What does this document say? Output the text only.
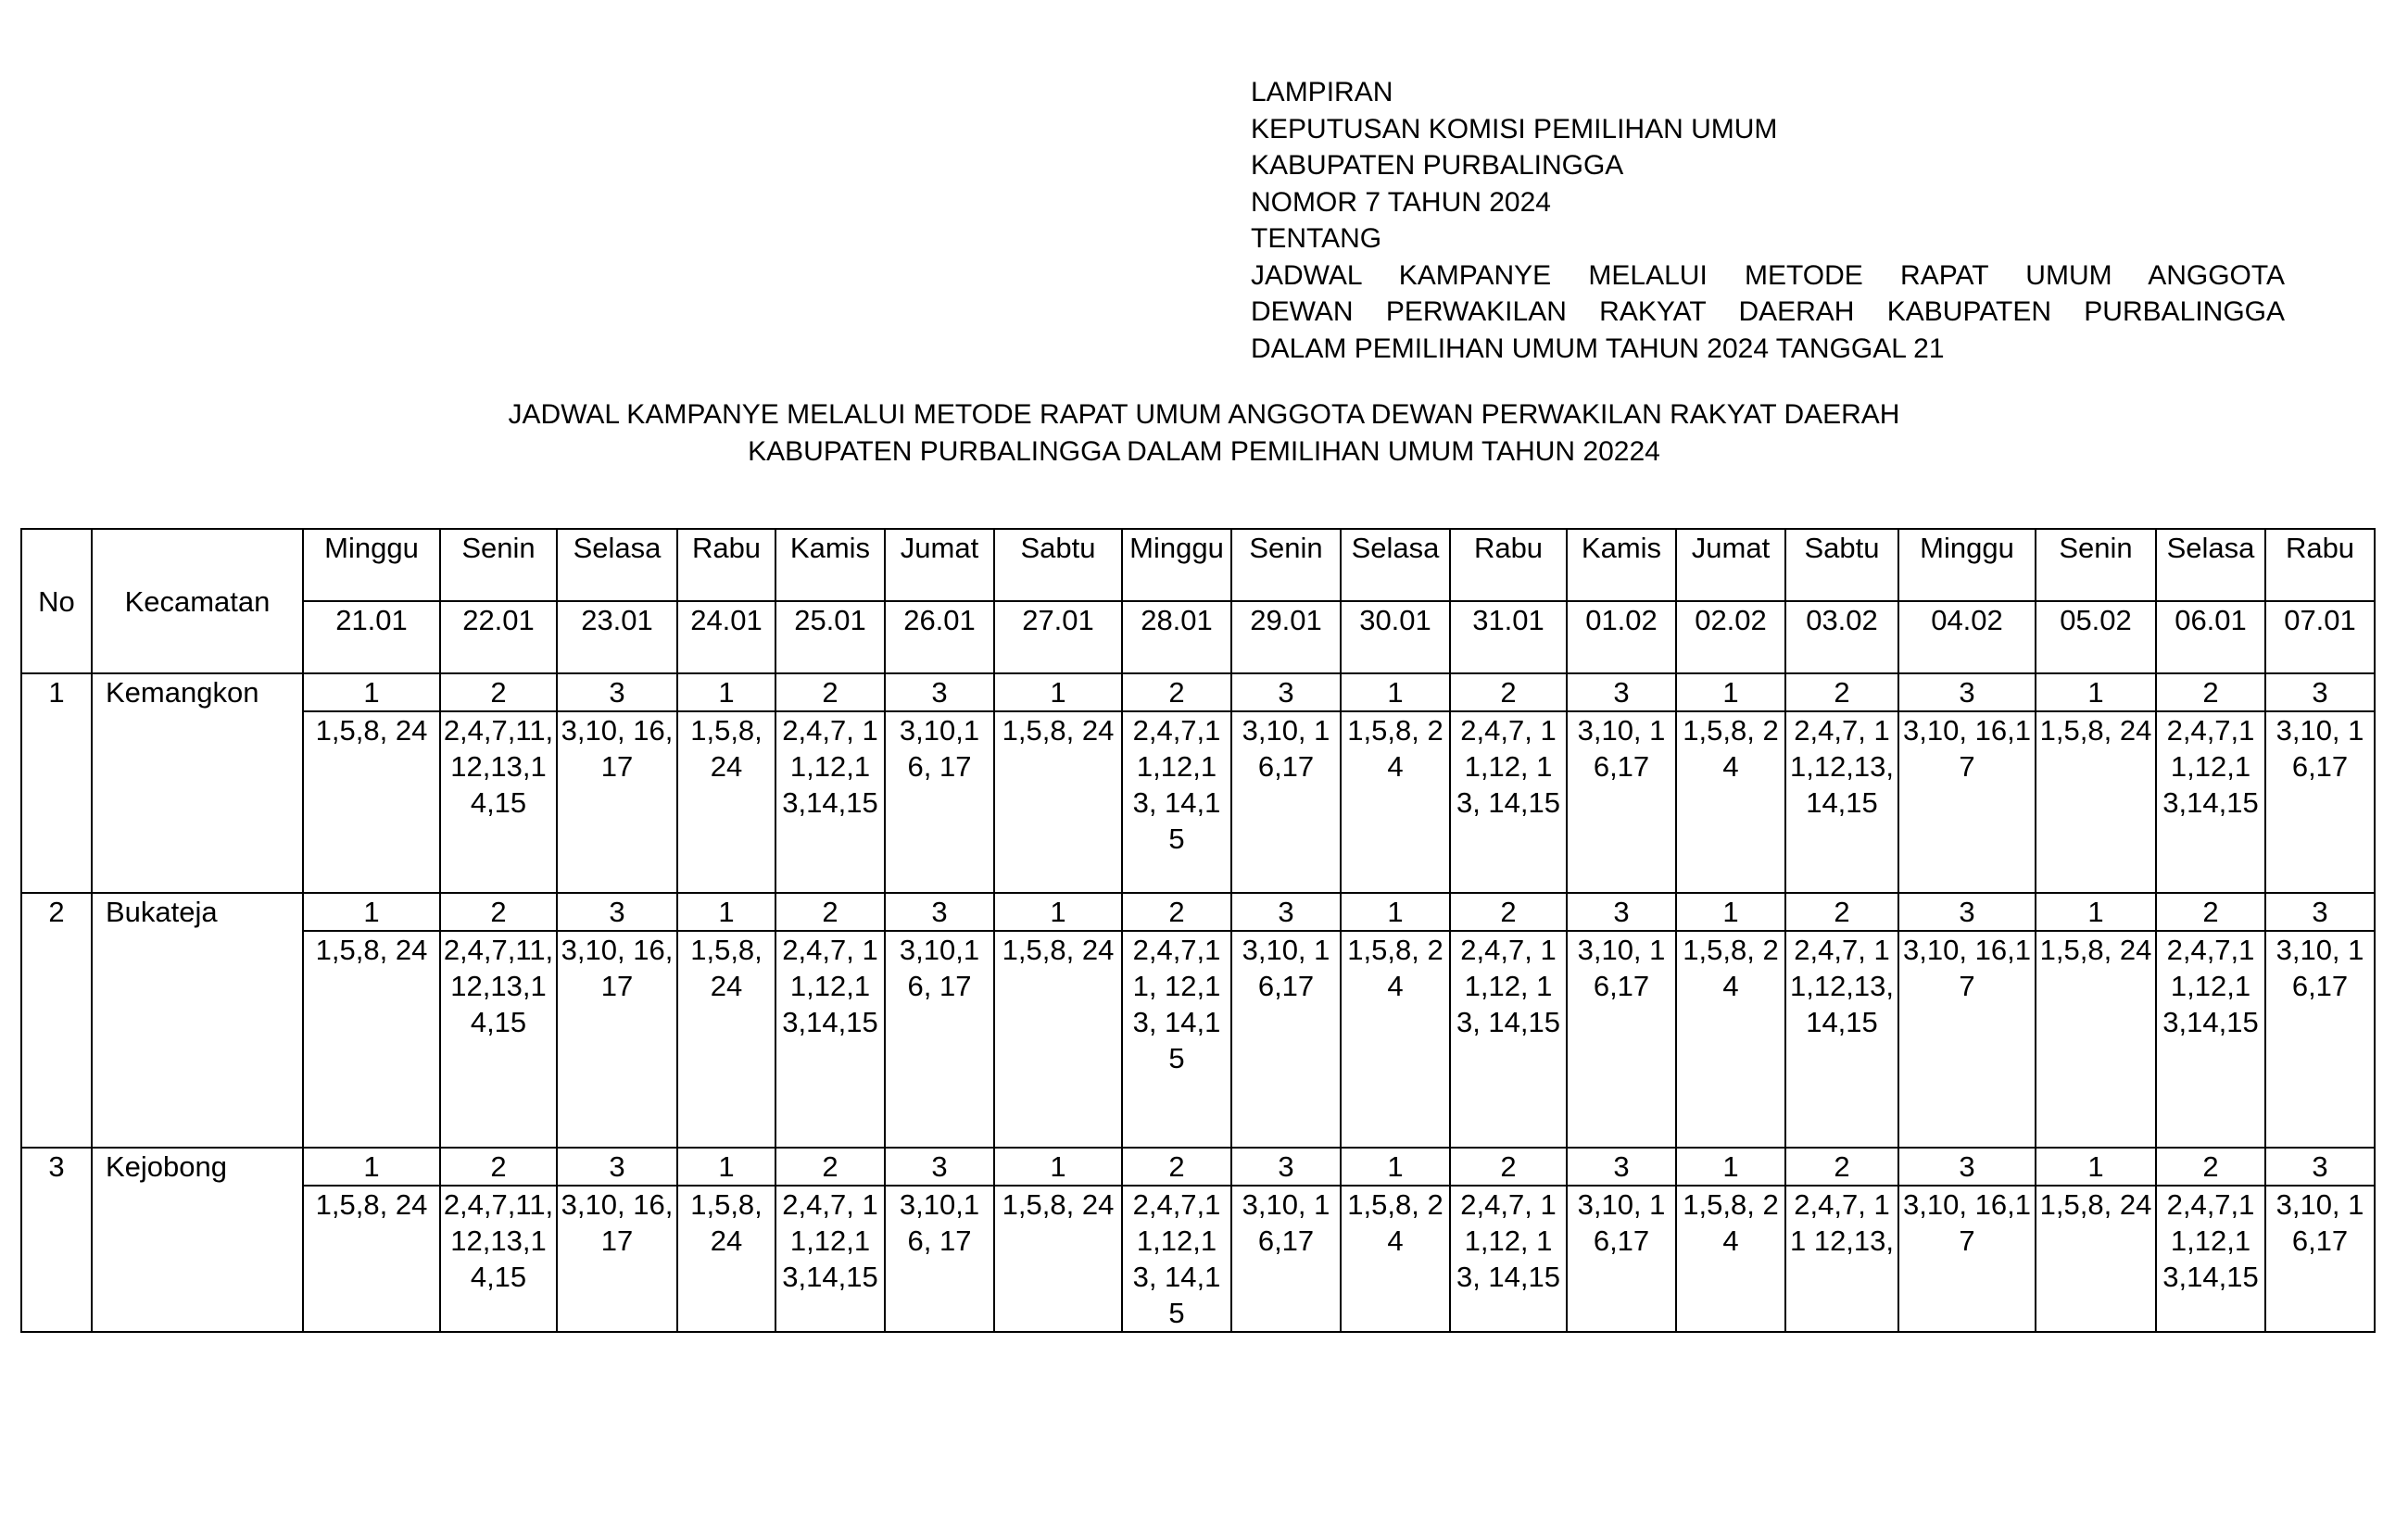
LAMPIRAN
KEPUTUSAN KOMISI PEMILIHAN UMUM
KABUPATEN PURBALINGGA
NOMOR 7 TAHUN 2024
TENTANG
JADWAL KAMPANYE MELALUI METODE RAPAT UMUM ANGGOTA
DEWAN PERWAKILAN RAKYAT DAERAH KABUPATEN PURBALINGGA
DALAM PEMILIHAN UMUM TAHUN 2024 TANGGAL 21
JADWAL KAMPANYE MELALUI METODE RAPAT UMUM ANGGOTA DEWAN PERWAKILAN RAKYAT DAERAH
KABUPATEN PURBALINGGA DALAM PEMILIHAN UMUM TAHUN 20224
No	Kecamatan	Minggu	Senin	Selasa	Rabu	Kamis	Jumat	Sabtu	Minggu	Senin	Selasa	Rabu	Kamis	Jumat	Sabtu	Minggu	Senin	Selasa	Rabu
		21.01	22.01	23.01	24.01	25.01	26.01	27.01	28.01	29.01	30.01	31.01	01.02	02.02	03.02	04.02	05.02	06.01	07.01
1	Kemangkon	1	2	3	1	2	3	1	2	3	1	2	3	1	2	3	1	2	3
		1,5,8, 24	2,4,7,11,12,13,14,15	3,10, 16,17	1,5,8, 24	2,4,7, 11,12,13,14,15	3,10,16, 17	1,5,8, 24	2,4,7,11,12,13, 14,15	3,10, 16,17	1,5,8, 24	2,4,7, 11,12, 13, 14,15	3,10, 16,17	1,5,8, 24	2,4,7, 11,12,13, 14,15	3,10, 16,17	1,5,8, 24	2,4,7,11,12,13,14,15	3,10, 16,17
2	Bukateja	1	2	3	1	2	3	1	2	3	1	2	3	1	2	3	1	2	3
		1,5,8, 24	2,4,7,11,12,13,14,15	3,10, 16,17	1,5,8, 24	2,4,7, 11,12,13,14,15	3,10,16, 17	1,5,8, 24	2,4,7,11, 12,13, 14,15	3,10, 16,17	1,5,8, 24	2,4,7, 11,12, 13, 14,15	3,10, 16,17	1,5,8, 24	2,4,7, 11,12,13, 14,15	3,10, 16,17	1,5,8, 24	2,4,7,11,12,13,14,15	3,10, 16,17
3	Kejobong	1	2	3	1	2	3	1	2	3	1	2	3	1	2	3	1	2	3
		1,5,8, 24	2,4,7,11,12,13,14,15	3,10, 16,17	1,5,8, 24	2,4,7, 11,12,13,14,15	3,10,16, 17	1,5,8, 24	2,4,7,11,12,13, 14,15	3,10, 16,17	1,5,8, 24	2,4,7, 11,12, 13, 14,15	3,10, 16,17	1,5,8, 24	2,4,7, 11 12,13,	3,10, 16,17	1,5,8, 24	2,4,7,11,12,13,14,15	3,10, 16,17
